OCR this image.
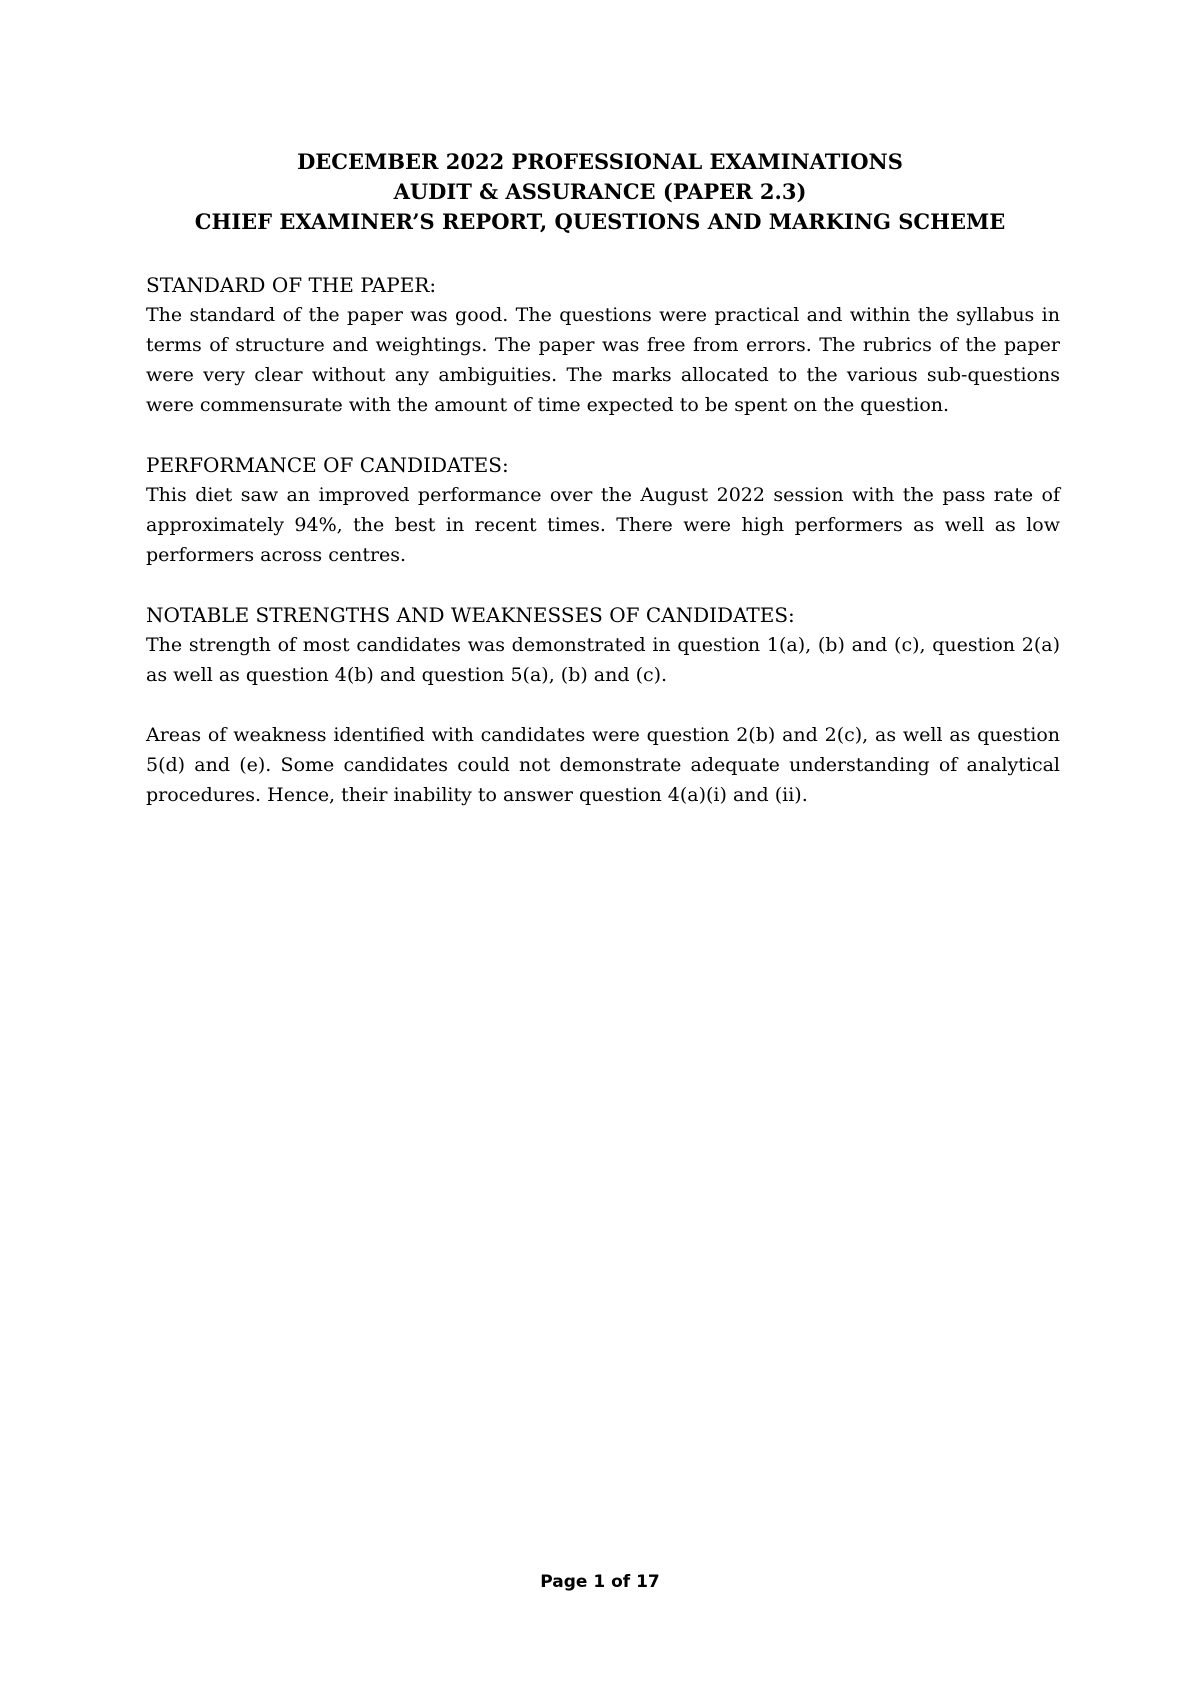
DECEMBER 2022 PROFESSIONAL EXAMINATIONS
AUDIT & ASSURANCE (PAPER 2.3)
CHIEF EXAMINER’S REPORT, QUESTIONS AND MARKING SCHEME
STANDARD OF THE PAPER:

The standard of the paper was good. The questions were practical and within the syllabus in terms of structure and weightings. The paper was free from errors. The rubrics of the paper were very clear without any ambiguities. The marks allocated to the various sub-questions were commensurate with the amount of time expected to be spent on the question.

PERFORMANCE OF CANDIDATES:

This diet saw an improved performance over the August 2022 session with the pass rate of approximately 94%, the best in recent times. There were high performers as well as low performers across centres.

NOTABLE STRENGTHS AND WEAKNESSES OF CANDIDATES:

The strength of most candidates was demonstrated in question 1(a), (b) and (c), question 2(a) as well as question 4(b) and question 5(a), (b) and (c).

Areas of weakness identified with candidates were question 2(b) and 2(c), as well as question 5(d) and (e). Some candidates could not demonstrate adequate understanding of analytical procedures. Hence, their inability to answer question 4(a)(i) and (ii).

Page 1 of 17
